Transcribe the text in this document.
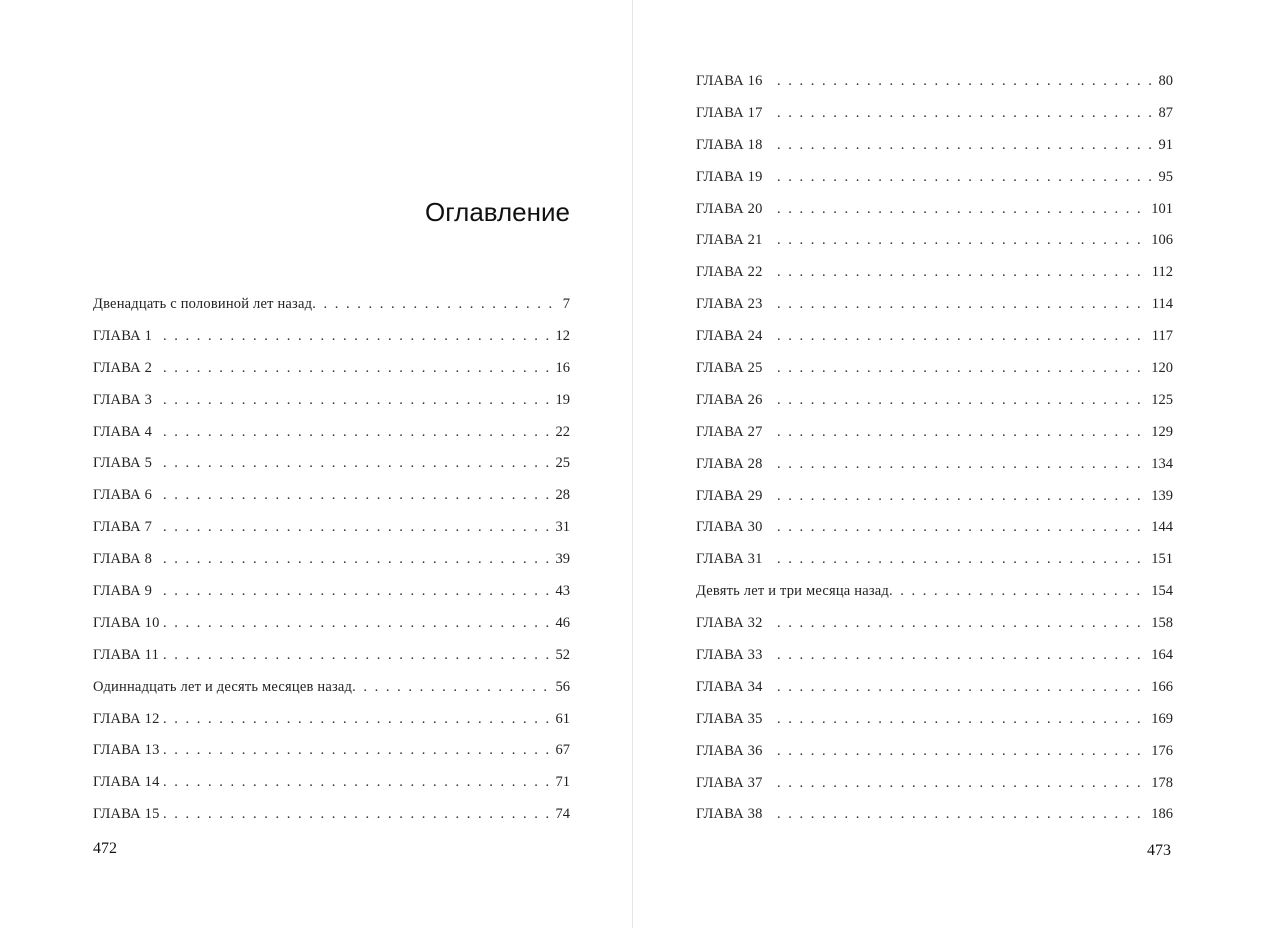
Оглавление
Двенадцать с половиной лет назад . . .	7
ГЛАВА 1 . . .	12
ГЛАВА 2 . . .	16
ГЛАВА 3 . . .	19
ГЛАВА 4 . . .	22
ГЛАВА 5 . . .	25
ГЛАВА 6 . . .	28
ГЛАВА 7 . . .	31
ГЛАВА 8 . . .	39
ГЛАВА 9 . . .	43
ГЛАВА 10 . . .	46
ГЛАВА 11 . . .	52
Одиннадцать лет и десять месяцев назад . . .	56
ГЛАВА 12 . . .	61
ГЛАВА 13 . . .	67
ГЛАВА 14 . . .	71
ГЛАВА 15 . . .	74

472

ГЛАВА 16 . . .	80
ГЛАВА 17 . . .	87
ГЛАВА 18 . . .	91
ГЛАВА 19 . . .	95
ГЛАВА 20 . . .	101
ГЛАВА 21 . . .	106
ГЛАВА 22 . . .	112
ГЛАВА 23 . . .	114
ГЛАВА 24 . . .	117
ГЛАВА 25 . . .	120
ГЛАВА 26 . . .	125
ГЛАВА 27 . . .	129
ГЛАВА 28 . . .	134
ГЛАВА 29 . . .	139
ГЛАВА 30 . . .	144
ГЛАВА 31 . . .	151
Девять лет и три месяца назад . . .	154
ГЛАВА 32 . . .	158
ГЛАВА 33 . . .	164
ГЛАВА 34 . . .	166
ГЛАВА 35 . . .	169
ГЛАВА 36 . . .	176
ГЛАВА 37 . . .	178
ГЛАВА 38 . . .	186

473
